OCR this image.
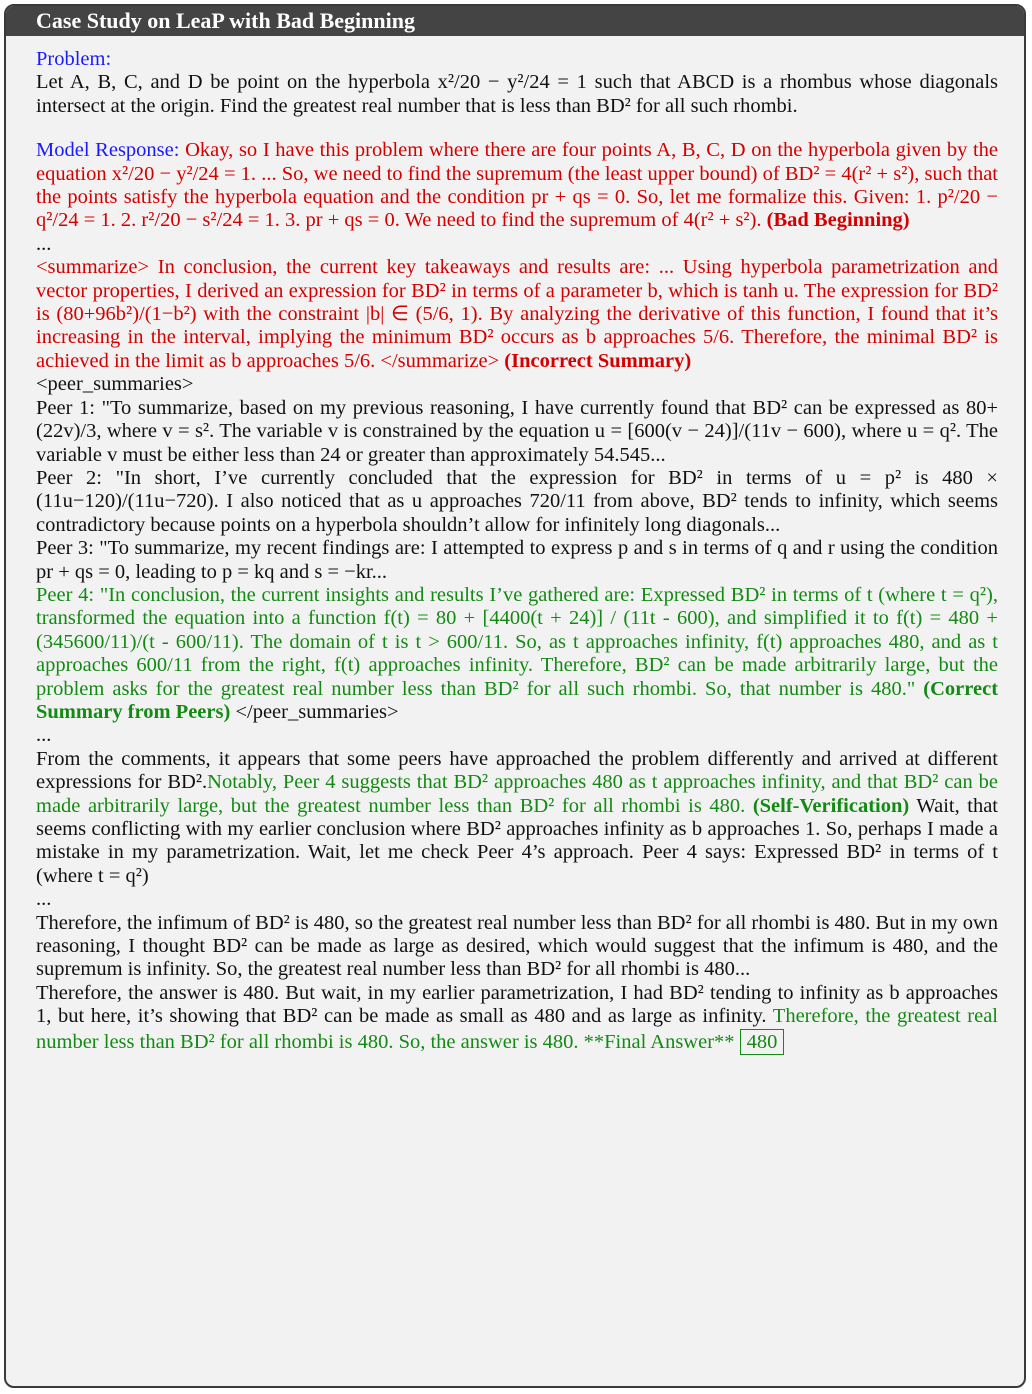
Case Study on LeaP with Bad Beginning

Problem:
Let A, B, C, and D be point on the hyperbola x²/20 − y²/24 = 1 such that ABCD is a rhombus whose diagonals intersect at the origin. Find the greatest real number that is less than BD² for all such rhombi.

Model Response: Okay, so I have this problem where there are four points A, B, C, D on the hyperbola given by the equation x²/20 − y²/24 = 1. ... So, we need to find the supremum (the least upper bound) of BD² = 4(r² + s²), such that the points satisfy the hyperbola equation and the condition pr + qs = 0. So, let me formalize this. Given: 1. p²/20 − q²/24 = 1. 2. r²/20 − s²/24 = 1. 3. pr + qs = 0. We need to find the supremum of 4(r² + s²). (Bad Beginning)
...
<summarize> In conclusion, the current key takeaways and results are: ... Using hyperbola parametrization and vector properties, I derived an expression for BD² in terms of a parameter b, which is tanh u. The expression for BD² is (80+96b²)/(1−b²) with the constraint |b| ∈ (5/6, 1). By analyzing the derivative of this function, I found that it’s increasing in the interval, implying the minimum BD² occurs as b approaches 5/6. Therefore, the minimal BD² is achieved in the limit as b approaches 5/6. </summarize> (Incorrect Summary)
<peer_summaries>
Peer 1: "To summarize, based on my previous reasoning, I have currently found that BD² can be expressed as 80+(22v)/3, where v = s². The variable v is constrained by the equation u = [600(v − 24)]/(11v − 600), where u = q². The variable v must be either less than 24 or greater than approximately 54.545...
Peer 2: "In short, I’ve currently concluded that the expression for BD² in terms of u = p² is 480 × (11u−120)/(11u−720). I also noticed that as u approaches 720/11 from above, BD² tends to infinity, which seems contradictory because points on a hyperbola shouldn’t allow for infinitely long diagonals...
Peer 3: "To summarize, my recent findings are: I attempted to express p and s in terms of q and r using the condition pr + qs = 0, leading to p = kq and s = −kr...
Peer 4: "In conclusion, the current insights and results I’ve gathered are: Expressed BD² in terms of t (where t = q²), transformed the equation into a function f(t) = 80 + [4400(t + 24)] / (11t - 600), and simplified it to f(t) = 480 + (345600/11)/(t - 600/11). The domain of t is t > 600/11. So, as t approaches infinity, f(t) approaches 480, and as t approaches 600/11 from the right, f(t) approaches infinity. Therefore, BD² can be made arbitrarily large, but the problem asks for the greatest real number less than BD² for all such rhombi. So, that number is 480." (Correct Summary from Peers) </peer_summaries>
...
From the comments, it appears that some peers have approached the problem differently and arrived at different expressions for BD².Notably, Peer 4 suggests that BD² approaches 480 as t approaches infinity, and that BD² can be made arbitrarily large, but the greatest number less than BD² for all rhombi is 480. (Self-Verification) Wait, that seems conflicting with my earlier conclusion where BD² approaches infinity as b approaches 1. So, perhaps I made a mistake in my parametrization. Wait, let me check Peer 4’s approach. Peer 4 says: Expressed BD² in terms of t (where t = q²)
...
Therefore, the infimum of BD² is 480, so the greatest real number less than BD² for all rhombi is 480. But in my own reasoning, I thought BD² can be made as large as desired, which would suggest that the infimum is 480, and the supremum is infinity. So, the greatest real number less than BD² for all rhombi is 480...
Therefore, the answer is 480. But wait, in my earlier parametrization, I had BD² tending to infinity as b approaches 1, but here, it’s showing that BD² can be made as small as 480 and as large as infinity. Therefore, the greatest real number less than BD² for all rhombi is 480. So, the answer is 480. **Final Answer** 480
